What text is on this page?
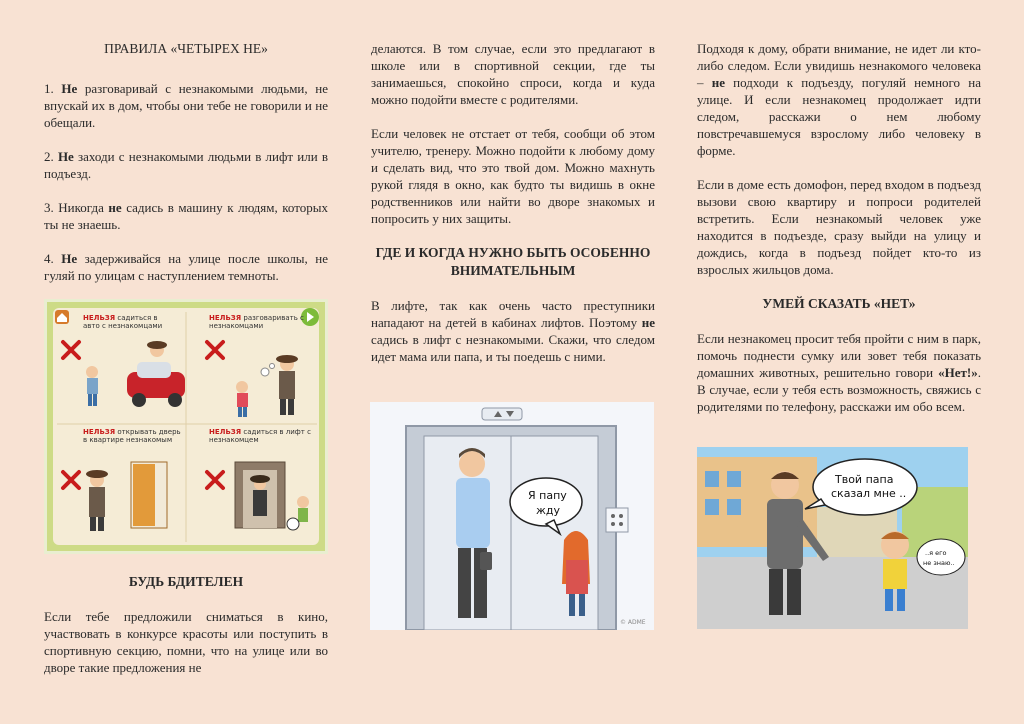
ПРАВИЛА «ЧЕТЫРЕХ НЕ»

1. Не разговаривай с незнакомыми людьми, не впускай их в дом, чтобы они тебе не говорили и не обещали.

2. Не заходи с незнакомыми людьми в лифт или в подъезд.

3. Никогда не садись в машину к людям, которых ты не знаешь.

4. Не задерживайся на улице после школы, не гуляй по улицам с наступлением темноты.

НЕЛЬЗЯ садиться в авто с незнакомцами
НЕЛЬЗЯ разговаривать с незнакомцами
НЕЛЬЗЯ открывать дверь в квартире незнакомым
НЕЛЬЗЯ садиться в лифт с незнакомцем
БУДЬ БДИТЕЛЕН

Если тебе предложили сниматься в кино, участвовать в конкурсе красоты или поступить в спортивную секцию, помни, что на улице или во дворе такие предложения не

делаются. В том случае, если это предлагают в школе или в спортивной секции, где ты занимаешься, спокойно спроси, когда и куда можно подойти вместе с родителями.

Если человек не отстает от тебя, сообщи об этом учителю, тренеру. Можно подойти к любому дому и сделать вид, что это твой дом. Можно махнуть рукой глядя в окно, как будто ты видишь в окне родственников или найти во дворе знакомых и попросить у них защиты.

ГДЕ И КОГДА НУЖНО БЫТЬ ОСОБЕННО ВНИМАТЕЛЬНЫМ

В лифте, так как очень часто преступники нападают на детей в кабинах лифтов. Поэтому не садись в лифт с незнакомыми. Скажи, что следом идет мама или папа, и ты поедешь с ними.

Я папу
жду
© ADME

Подходя к дому, обрати внимание, не идет ли кто-либо следом. Если увидишь незнакомого человека – не подходи к подъезду, погуляй немного на улице. И если незнакомец продолжает идти следом, расскажи о нем любому повстречавшемуся взрослому либо человеку в форме.

Если в доме есть домофон, перед входом в подъезд вызови свою квартиру и попроси родителей встретить. Если незнакомый человек уже находится в подъезде, сразу выйди на улицу и дождись, когда в подъезд пойдет кто-то из взрослых жильцов дома.

УМЕЙ СКАЗАТЬ «НЕТ»

Если незнакомец просит тебя пройти с ним в парк, помочь поднести сумку или зовет тебя показать домашних животных, решительно говори «Нет!». В случае, если у тебя есть возможность, свяжись с родителями по телефону, расскажи им обо всем.

Твой папа
сказал мне ..
..я его
не знаю..
